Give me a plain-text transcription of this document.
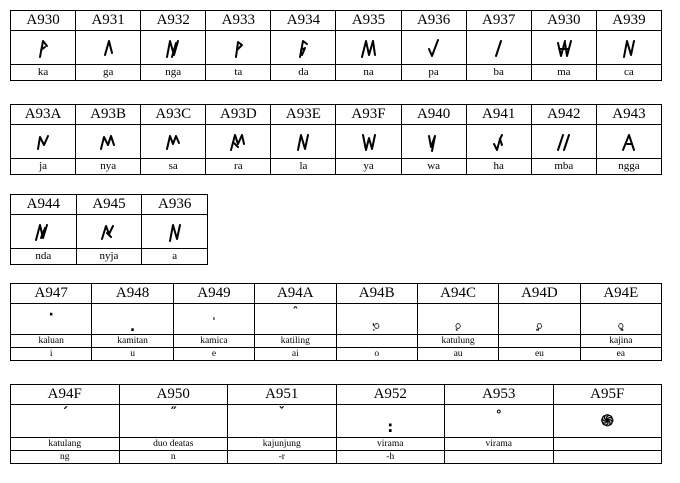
A930	A931	A932	A933	A934	A935	A936	A937	A930	A939

ka	ga	nga	ta	da	na	pa	ba	ma	ca
A93A	A93B	A93C	A93D	A93E	A93F	A940	A941	A942	A943

ja	nya	sa	ra	la	ya	wa	ha	mba	ngga
A944	A945	A936

nda	nyja	a
A947	A948	A949	A94A	A94B	A94C	A94D	A94E

·	.	ˈ	ˆ	ꥋ	ꥌ	ꥍ	ꥎ

kaluan	kamitan	kamica	katiling		katulung		kajina
i	u	e	ai	o	au	eu	ea
A94F	A950	A951	A952	A953	A95F

ˊ	˝	ˇ	:	°	֍

katulang	duo deatas	kajunjung	virama	virama	
ng	n	-r	-h		
